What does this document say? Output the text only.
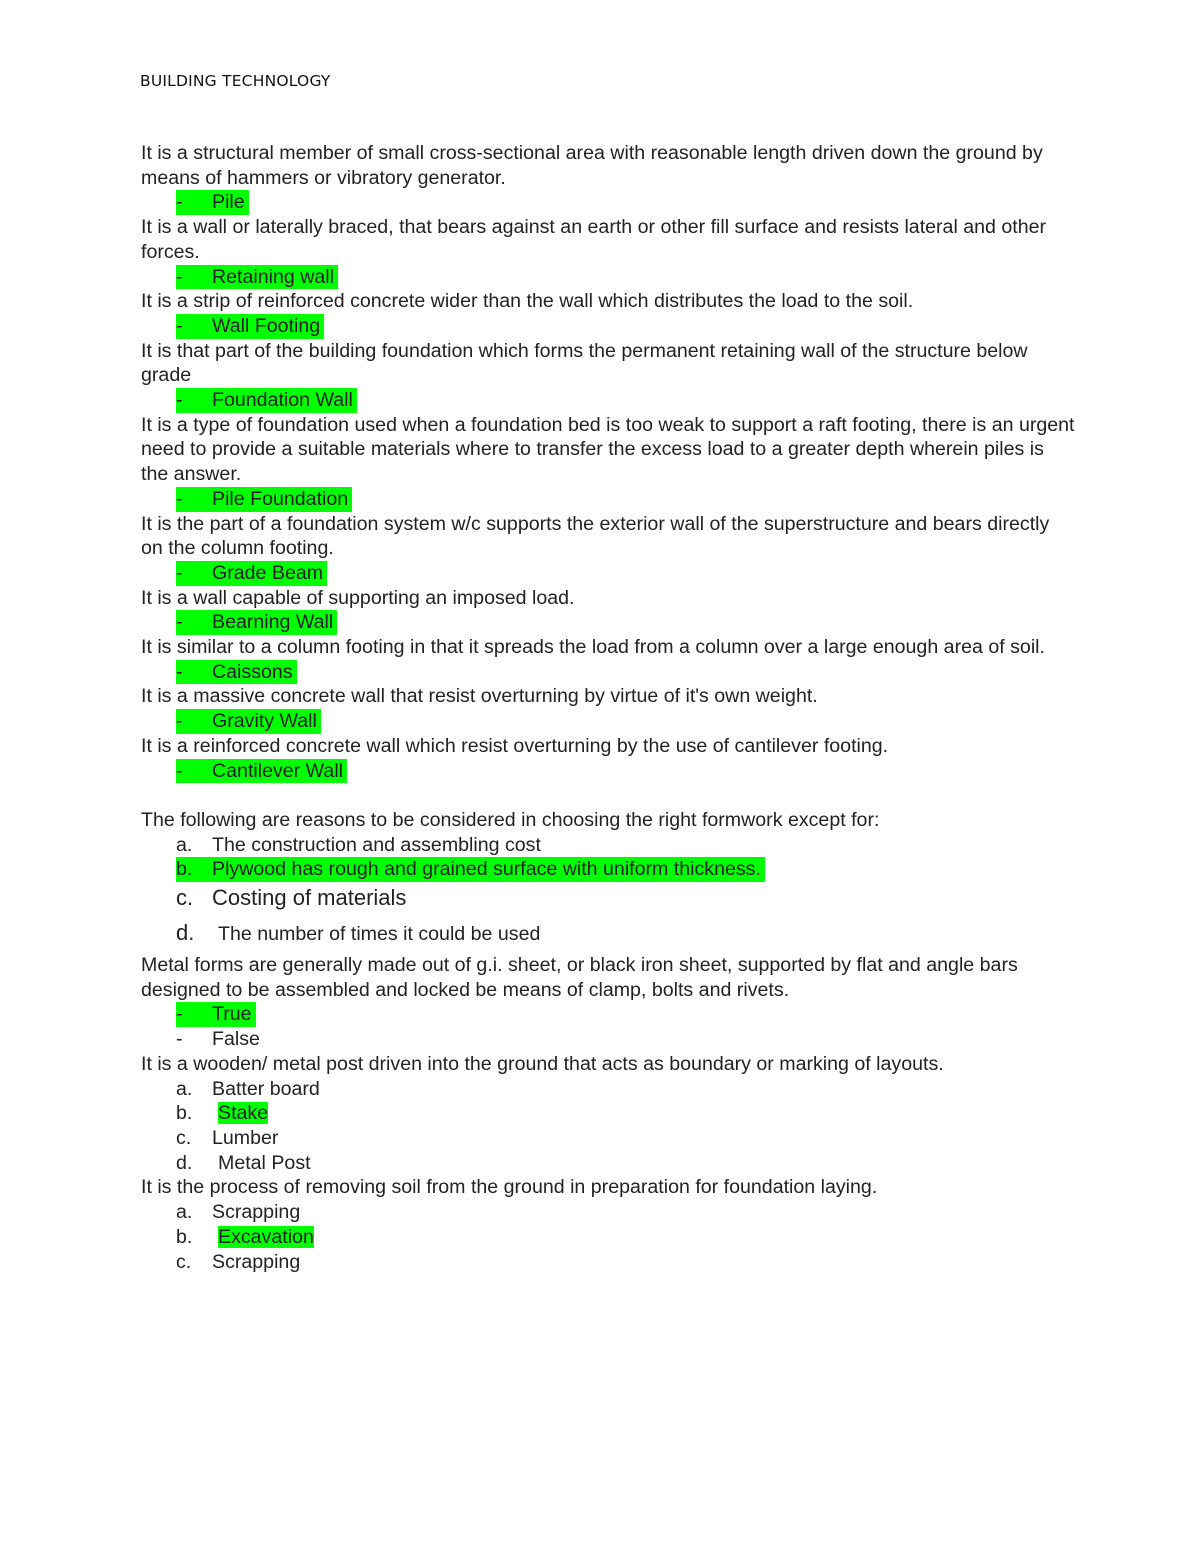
BUILDING TECHNOLOGY

It is a structural member of small cross-sectional area with reasonable length driven down the ground by means of hammers or vibratory generator.

- Pile

It is a wall or laterally braced, that bears against an earth or other fill surface and resists lateral and other forces.

- Retaining wall

It is a strip of reinforced concrete wider than the wall which distributes the load to the soil.

- Wall Footing

It is that part of the building foundation which forms the permanent retaining wall of the structure below grade

- Foundation Wall

It is a type of foundation used when a foundation bed is too weak to support a raft footing, there is an urgent need to provide a suitable materials where to transfer the excess load to a greater depth wherein piles is the answer.

- Pile Foundation

It is the part of a foundation system w/c supports the exterior wall of the superstructure and bears directly on the column footing.

- Grade Beam

It is a wall capable of supporting an imposed load.

- Bearning Wall

It is similar to a column footing in that it spreads the load from a column over a large enough area of soil.

- Caissons

It is a massive concrete wall that resist overturning by virtue of it's own weight.

- Gravity Wall

It is a reinforced concrete wall which resist overturning by the use of cantilever footing.

- Cantilever Wall

The following are reasons to be considered in choosing the right formwork except for:

a. The construction and assembling cost

b. Plywood has rough and grained surface with uniform thickness.

c. Costing of materials

d. The number of times it could be used

Metal forms are generally made out of g.i. sheet, or black iron sheet, supported by flat and angle bars designed to be assembled and locked be means of clamp, bolts and rivets.

- True

- False

It is a wooden/ metal post driven into the ground that acts as boundary or marking of layouts.

a. Batter board

b. Stake

c. Lumber

d. Metal Post

It is the process of removing soil from the ground in preparation for foundation laying.

a. Scrapping

b. Excavation

c. Scrapping
